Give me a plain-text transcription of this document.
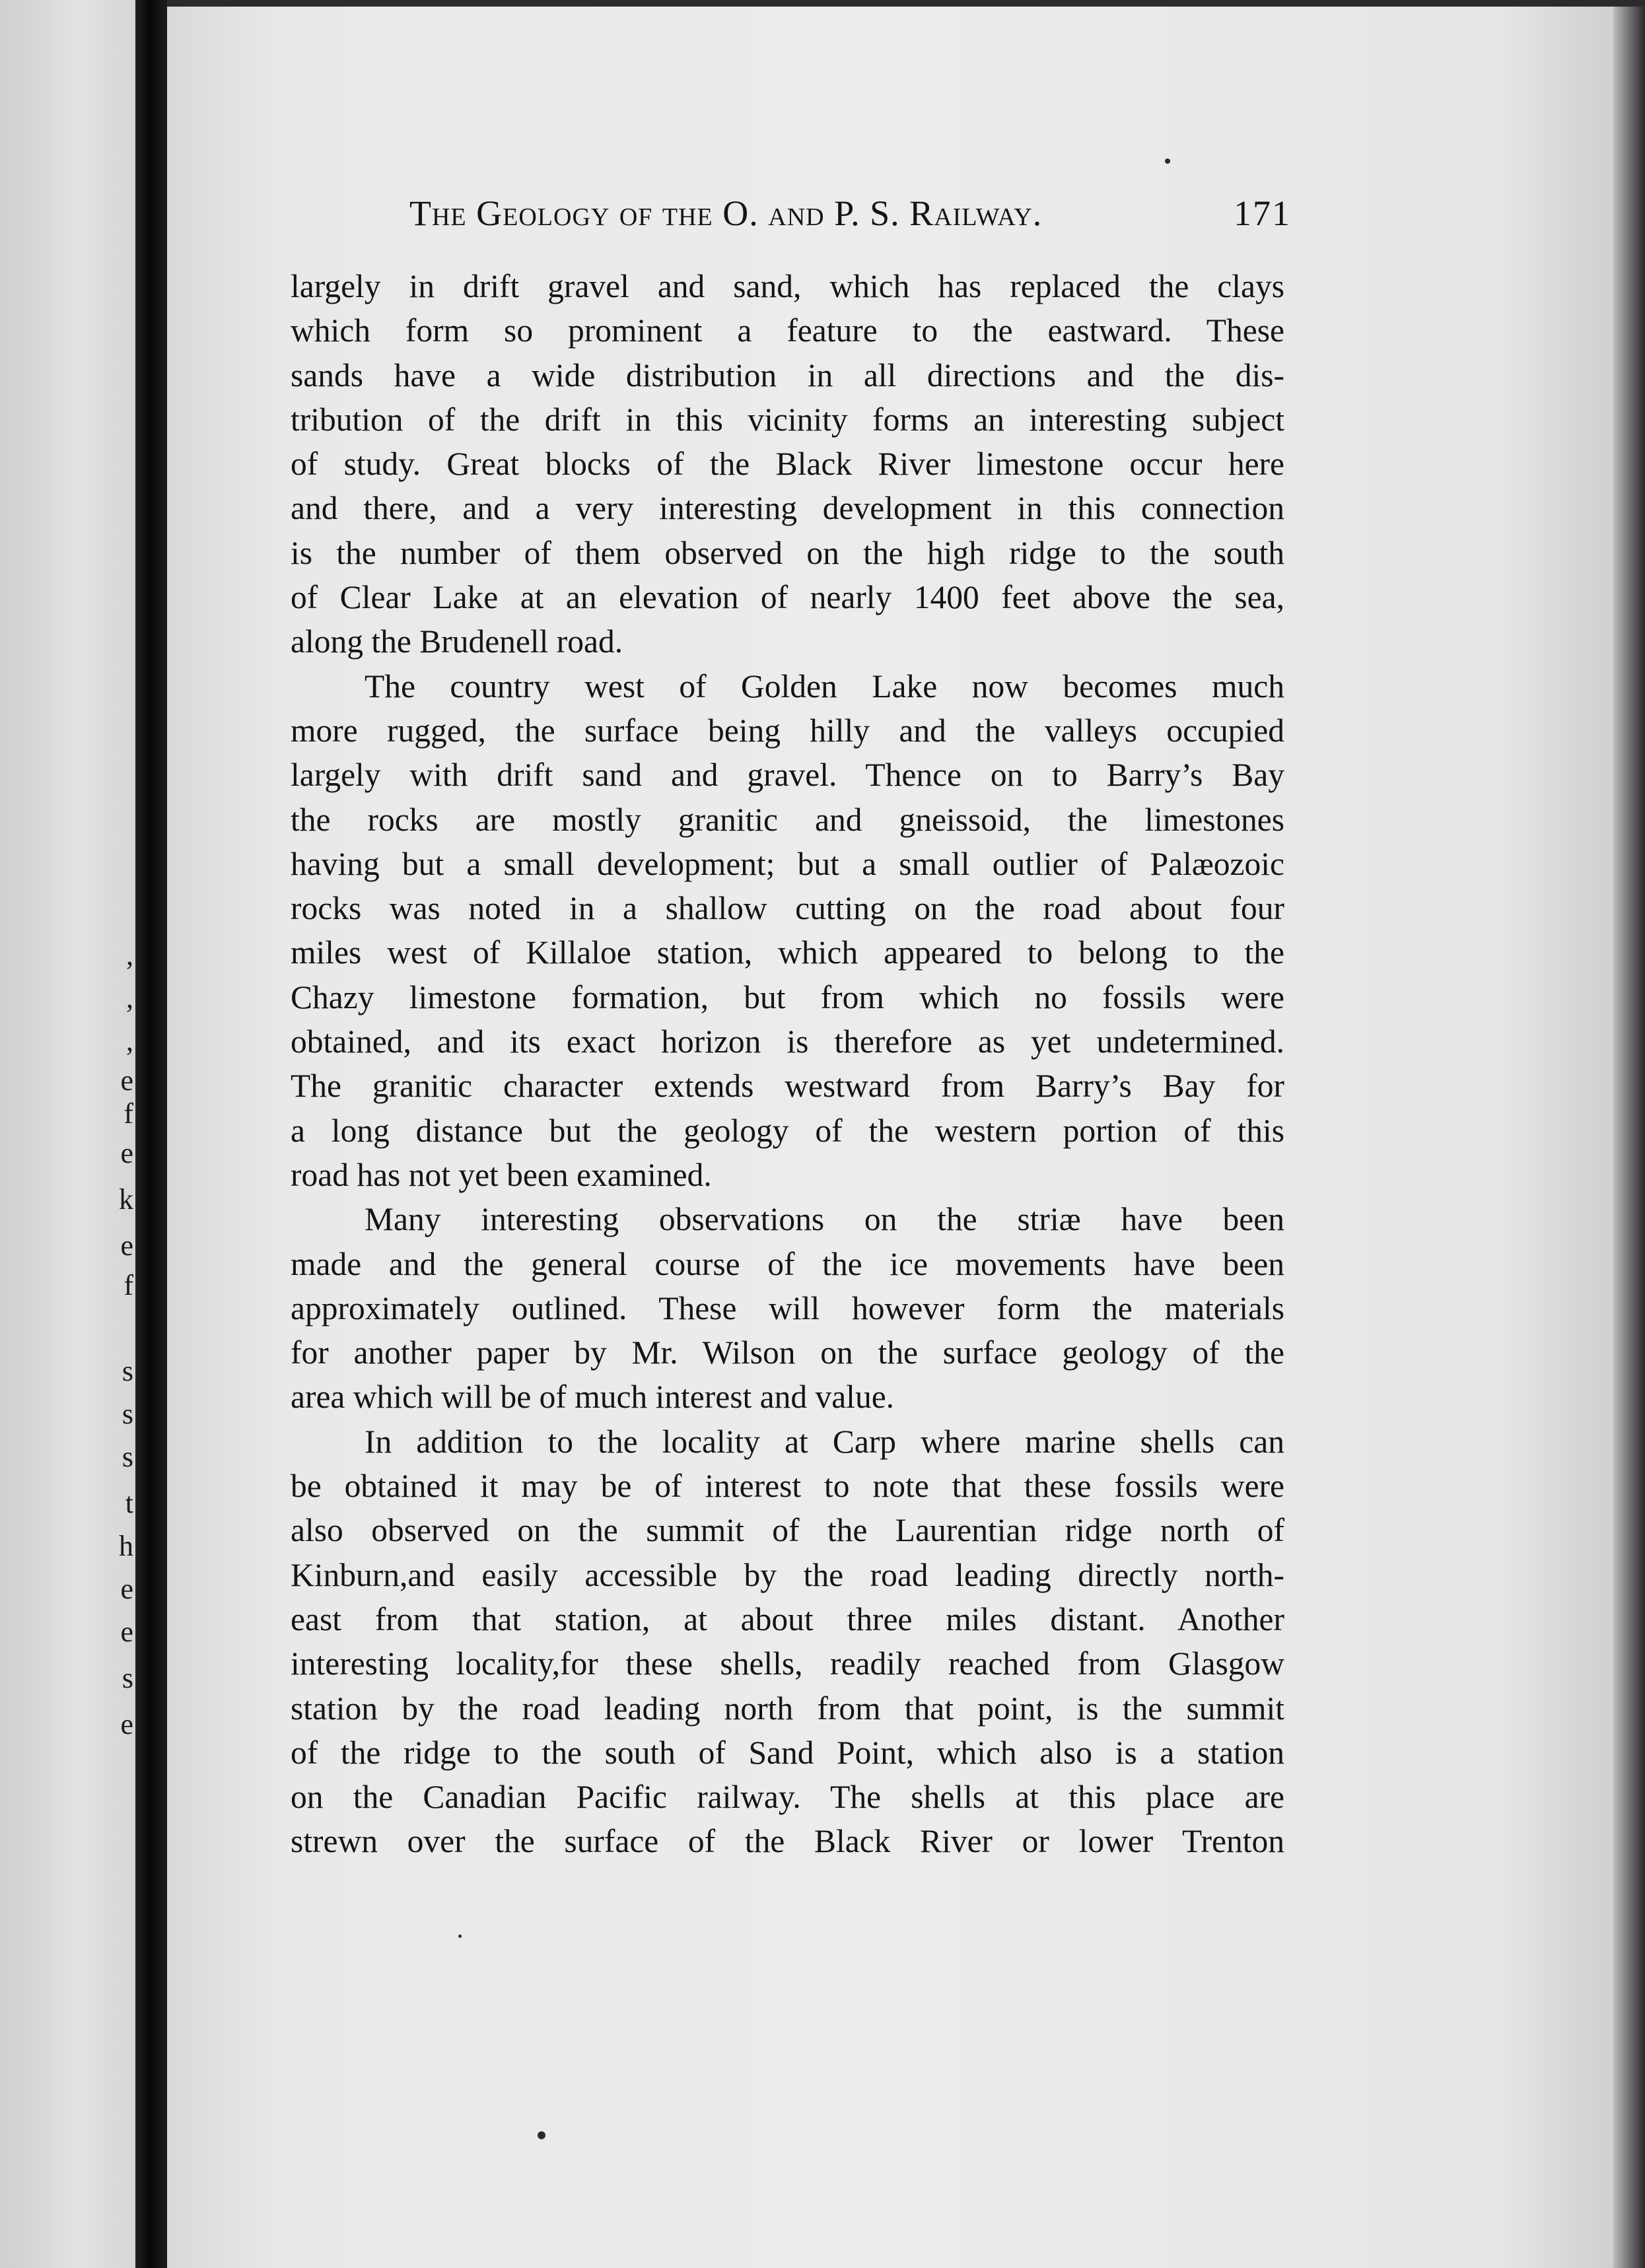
,
,
,
e
f
e
k
e
f
s
s
s
t
h
e
e
s
e
The Geology of the O. and P. S. Railway.	171
largely in drift gravel and sand, which has replaced the clays
which form so prominent a feature to the eastward. These
sands have a wide distribution in all directions and the dis-
tribution of the drift in this vicinity forms an interesting subject
of study. Great blocks of the Black River limestone occur here
and there, and a very interesting development in this connection
is the number of them observed on the high ridge to the south
of Clear Lake at an elevation of nearly 1400 feet above the sea,
along the Brudenell road.
The country west of Golden Lake now becomes much
more rugged, the surface being hilly and the valleys occupied
largely with drift sand and gravel. Thence on to Barry’s Bay
the rocks are mostly granitic and gneissoid, the limestones
having but a small development; but a small outlier of Palæozoic
rocks was noted in a shallow cutting on the road about four
miles west of Killaloe station, which appeared to belong to the
Chazy limestone formation, but from which no fossils were
obtained, and its exact horizon is therefore as yet undetermined.
The granitic character extends westward from Barry’s Bay for
a long distance but the geology of the western portion of this
road has not yet been examined.
Many interesting observations on the striæ have been
made and the general course of the ice movements have been
approximately outlined. These will however form the materials
for another paper by Mr. Wilson on the surface geology of the
area which will be of much interest and value.
In addition to the locality at Carp where marine shells can
be obtained it may be of interest to note that these fossils were
also observed on the summit of the Laurentian ridge north of
Kinburn,and easily accessible by the road leading directly north-
east from that station, at about three miles distant. Another
interesting locality,for these shells, readily reached from Glasgow
station by the road leading north from that point, is the summit
of the ridge to the south of Sand Point, which also is a station
on the Canadian Pacific railway. The shells at this place are
strewn over the surface of the Black River or lower Trenton
